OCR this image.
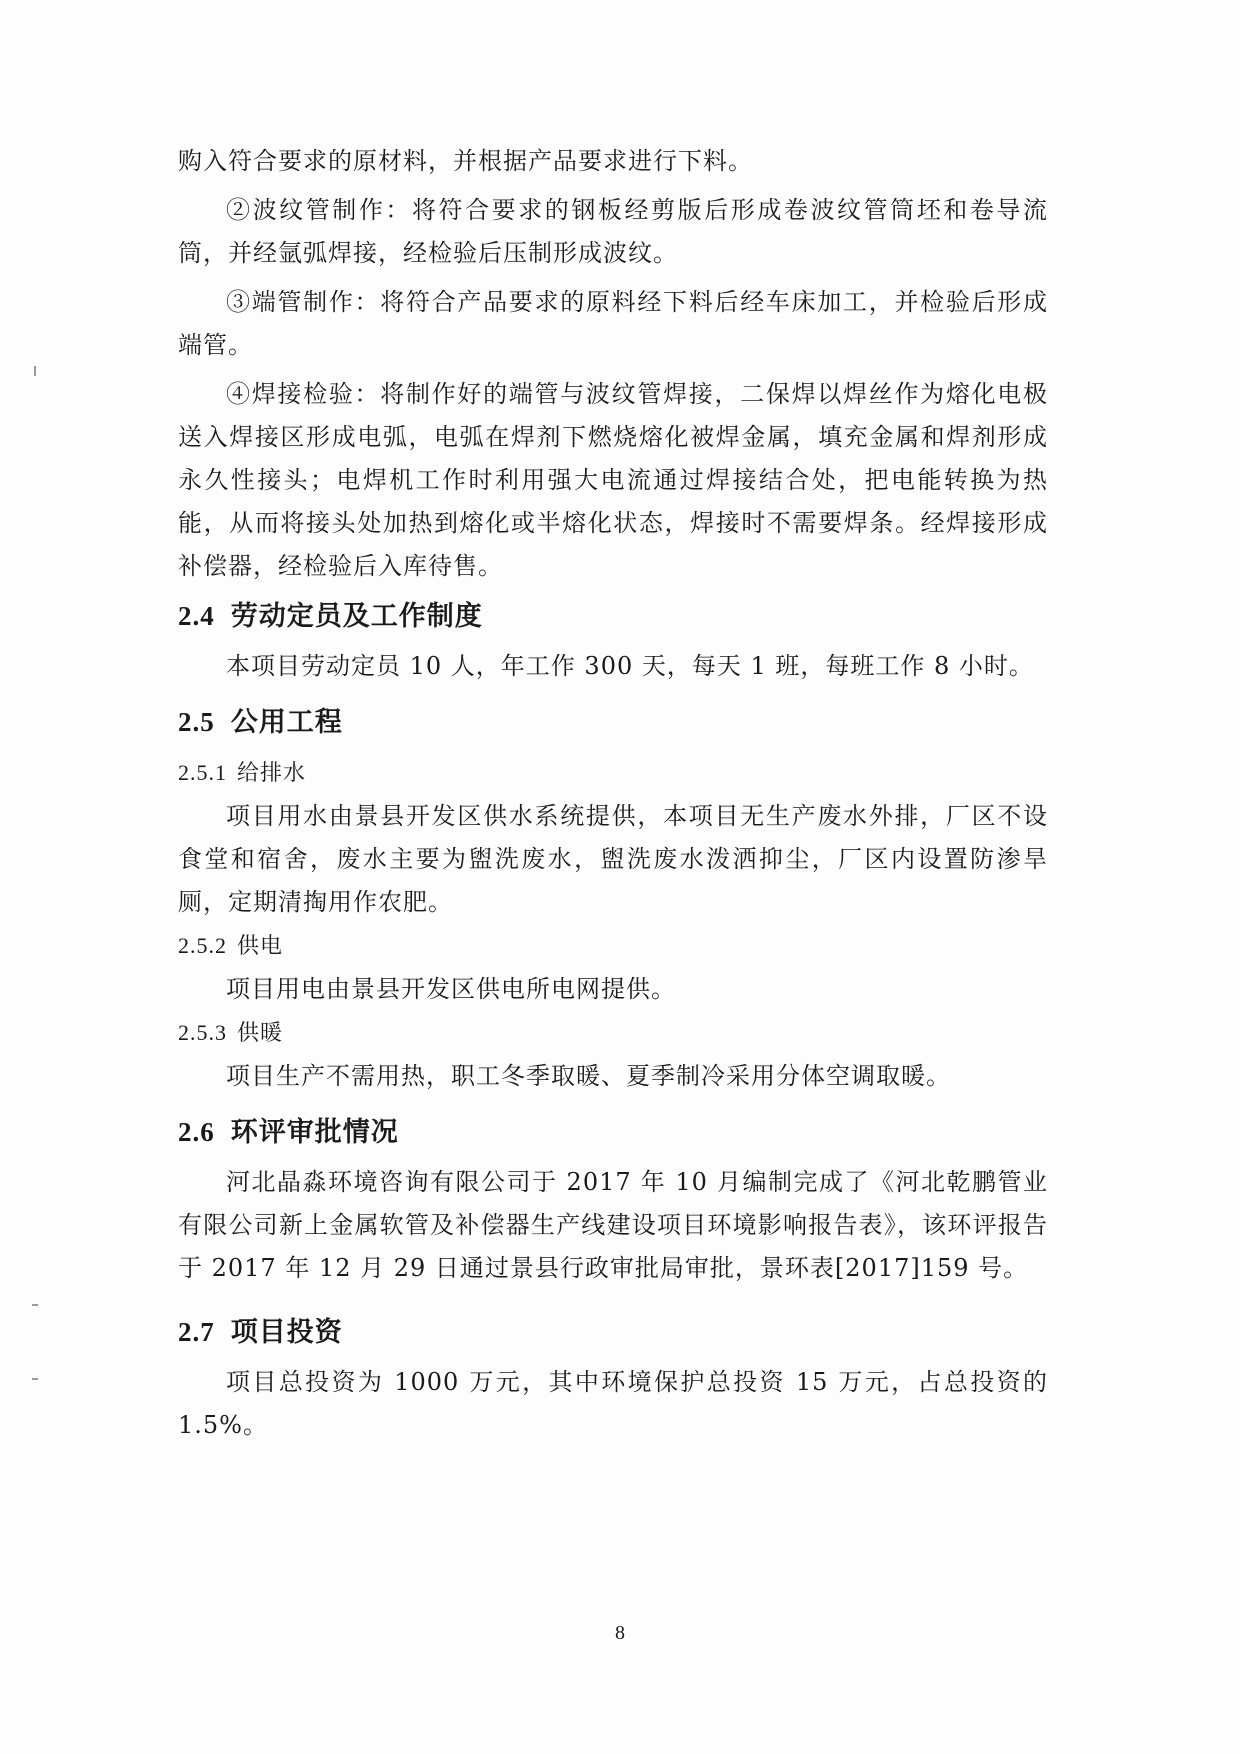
购入符合要求的原材料，并根据产品要求进行下料。

②波纹管制作：将符合要求的钢板经剪版后形成卷波纹管筒坯和卷导流筒，并经氩弧焊接，经检验后压制形成波纹。

③端管制作：将符合产品要求的原料经下料后经车床加工，并检验后形成端管。

④焊接检验：将制作好的端管与波纹管焊接，二保焊以焊丝作为熔化电极送入焊接区形成电弧，电弧在焊剂下燃烧熔化被焊金属，填充金属和焊剂形成永久性接头；电焊机工作时利用强大电流通过焊接结合处，把电能转换为热能，从而将接头处加热到熔化或半熔化状态，焊接时不需要焊条。经焊接形成补偿器，经检验后入库待售。

2.4 劳动定员及工作制度

本项目劳动定员 10 人，年工作 300 天，每天 1 班，每班工作 8 小时。

2.5 公用工程
2.5.1 给排水

项目用水由景县开发区供水系统提供，本项目无生产废水外排，厂区不设食堂和宿舍，废水主要为盥洗废水，盥洗废水泼洒抑尘，厂区内设置防渗旱厕，定期清掏用作农肥。

2.5.2 供电

项目用电由景县开发区供电所电网提供。

2.5.3 供暖

项目生产不需用热，职工冬季取暖、夏季制冷采用分体空调取暖。

2.6 环评审批情况

河北晶淼环境咨询有限公司于 2017 年 10 月编制完成了《河北乾鹏管业有限公司新上金属软管及补偿器生产线建设项目环境影响报告表》，该环评报告于 2017 年 12 月 29 日通过景县行政审批局审批，景环表[2017]159 号。

2.7 项目投资

项目总投资为 1000 万元，其中环境保护总投资 15 万元，占总投资的 1.5%。

8
